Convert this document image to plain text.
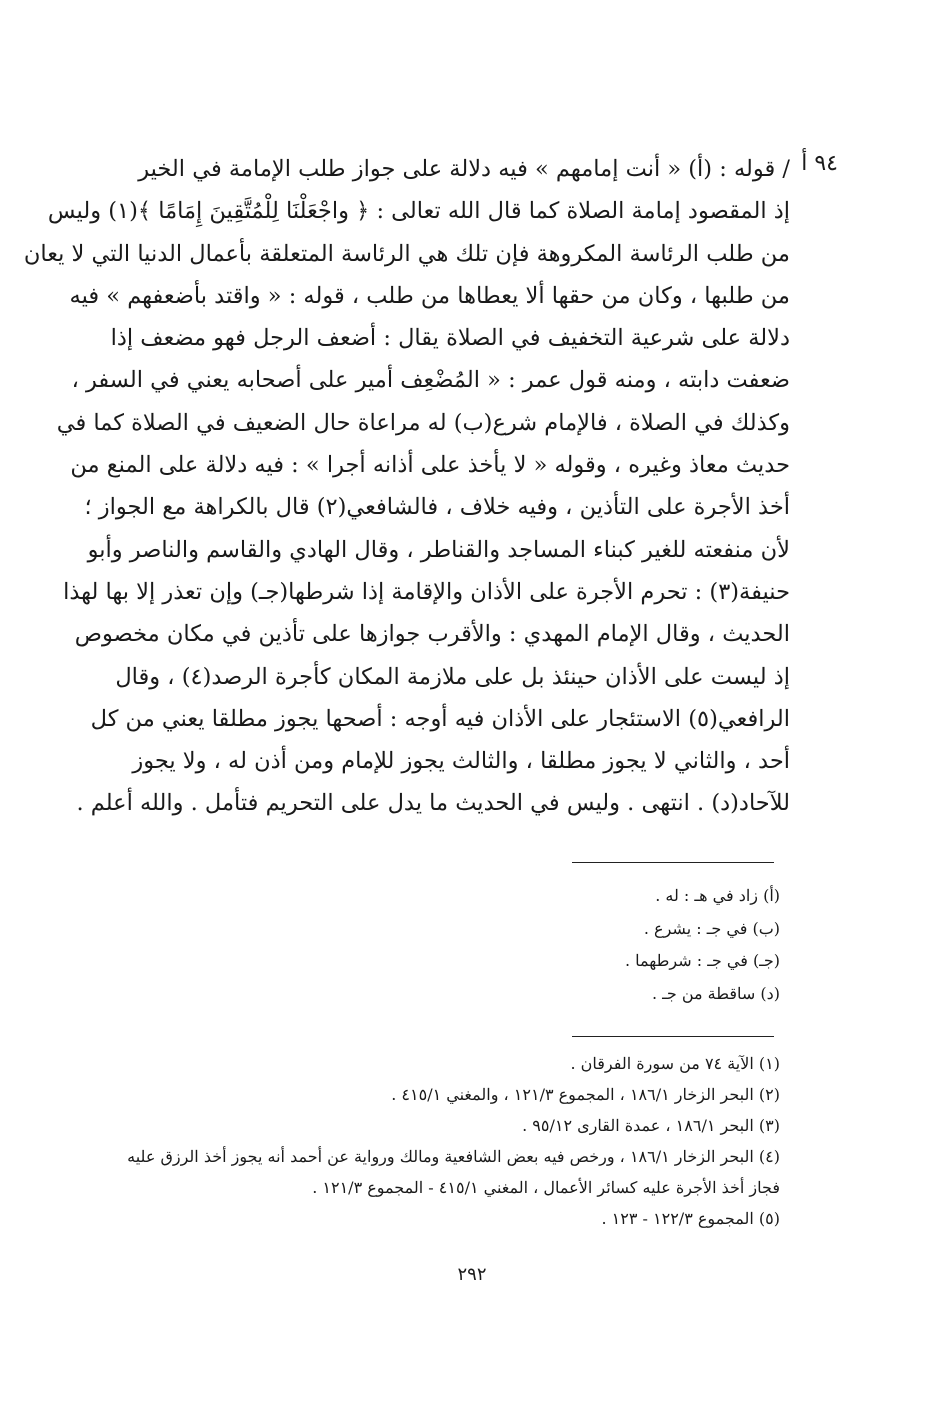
٩٤ أ
/ قوله : (أ) « أنت إمامهم » فيه دلالة على جواز طلب الإمامة في الخير
إذ المقصود إمامة الصلاة كما قال الله تعالى : ﴿ واجْعَلْنَا لِلْمُتَّقِينَ إِمَامًا ﴾(١) وليس
من طلب الرئاسة المكروهة فإن تلك هي الرئاسة المتعلقة بأعمال الدنيا التي لا يعان
من طلبها ، وكان من حقها ألا يعطاها من طلب ، قوله : « واقتد بأضعفهم » فيه
دلالة على شرعية التخفيف في الصلاة يقال : أضعف الرجل فهو مضعف إذا
ضعفت دابته ، ومنه قول عمر : « المُضْعِف أمير على أصحابه يعني في السفر ،
وكذلك في الصلاة ، فالإمام شرع(ب) له مراعاة حال الضعيف في الصلاة كما في
حديث معاذ وغيره ، وقوله « لا يأخذ على أذانه أجرا » : فيه دلالة على المنع من
أخذ الأجرة على التأذين ، وفيه خلاف ، فالشافعي(٢) قال بالكراهة مع الجواز ؛
لأن منفعته للغير كبناء المساجد والقناطر ، وقال الهادي والقاسم والناصر وأبو
حنيفة(٣) : تحرم الأجرة على الأذان والإقامة إذا شرطها(جـ) وإن تعذر إلا بها لهذا
الحديث ، وقال الإمام المهدي : والأقرب جوازها على تأذين في مكان مخصوص
إذ ليست على الأذان حينئذ بل على ملازمة المكان كأجرة الرصد(٤) ، وقال
الرافعي(٥) الاستئجار على الأذان فيه أوجه : أصحها يجوز مطلقا يعني من كل
أحد ، والثاني لا يجوز مطلقا ، والثالث يجوز للإمام ومن أذن له ، ولا يجوز
للآحاد(د) . انتهى . وليس في الحديث ما يدل على التحريم فتأمل . والله أعلم .
(أ) زاد في هـ : له .
(ب) في جـ : يشرع .
(جـ) في جـ : شرطهما .
(د) ساقطة من جـ .
(١) الآية ٧٤ من سورة الفرقان .
(٢) البحر الزخار ١٨٦/١ ، المجموع ١٢١/٣ ، والمغني ٤١٥/١ .
(٣) البحر ١٨٦/١ ، عمدة القارى ٩٥/١٢ .
(٤) البحر الزخار ١٨٦/١ ، ورخص فيه بعض الشافعية ومالك ورواية عن أحمد أنه يجوز أخذ الرزق عليه فجاز أخذ الأجرة عليه كسائر الأعمال ، المغني ٤١٥/١ - المجموع ١٢١/٣ .
(٥) المجموع ١٢٢/٣ - ١٢٣ .
٢٩٢
